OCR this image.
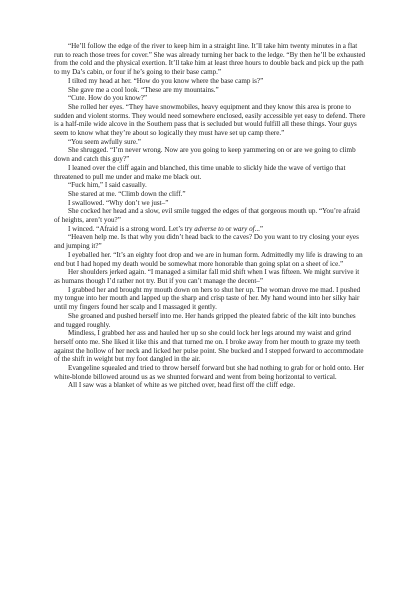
“He’ll follow the edge of the river to keep him in a straight line. It’ll take him twenty minutes in a flat run to reach those trees for cover.” She was already turning her back to the ledge. “By then he’ll be exhausted from the cold and the physical exertion. It’ll take him at least three hours to double back and pick up the path to my Da’s cabin, or four if he’s going to their base camp.”

I tilted my head at her. “How do you know where the base camp is?”

She gave me a cool look. “These are my mountains.”

“Cute. How do you know?”

She rolled her eyes. “They have snowmobiles, heavy equipment and they know this area is prone to sudden and violent storms. They would need somewhere enclosed, easily accessible yet easy to defend. There is a half-mile wide alcove in the Southern pass that is secluded but would fulfill all these things. Your guys seem to know what they’re about so logically they must have set up camp there.”

“You seem awfully sure.”

She shrugged. “I’m never wrong. Now are you going to keep yammering on or are we going to climb down and catch this guy?”

I leaned over the cliff again and blanched, this time unable to slickly hide the wave of vertigo that threatened to pull me under and make me black out.

“Fuck him,” I said casually.

She stared at me. “Climb down the cliff.”

I swallowed. “Why don’t we just–”

She cocked her head and a slow, evil smile tugged the edges of that gorgeous mouth up. “You’re afraid of heights, aren’t you?”

I winced. “Afraid is a strong word. Let’s try adverse to or wary of...”

“Heaven help me. Is that why you didn’t head back to the caves? Do you want to try closing your eyes and jumping it?”

I eyeballed her. “It’s an eighty foot drop and we are in human form. Admittedly my life is drawing to an end but I had hoped my death would be somewhat more honorable than going splat on a sheet of ice.”

Her shoulders jerked again. “I managed a similar fall mid shift when I was fifteen. We might survive it as humans though I’d rather not try. But if you can’t manage the decent–”

I grabbed her and brought my mouth down on hers to shut her up. The woman drove me mad. I pushed my tongue into her mouth and lapped up the sharp and crisp taste of her. My hand wound into her silky hair until my fingers found her scalp and I massaged it gently.

She groaned and pushed herself into me. Her hands gripped the pleated fabric of the kilt into bunches and tugged roughly.

Mindless, I grabbed her ass and hauled her up so she could lock her legs around my waist and grind herself onto me. She liked it like this and that turned me on. I broke away from her mouth to graze my teeth against the hollow of her neck and licked her pulse point. She bucked and I stepped forward to accommodate of the shift in weight but my foot dangled in the air.

Evangeline squealed and tried to throw herself forward but she had nothing to grab for or hold onto. Her white-blonde billowed around us as we shunted forward and went from being horizontal to vertical.

All I saw was a blanket of white as we pitched over, head first off the cliff edge.
